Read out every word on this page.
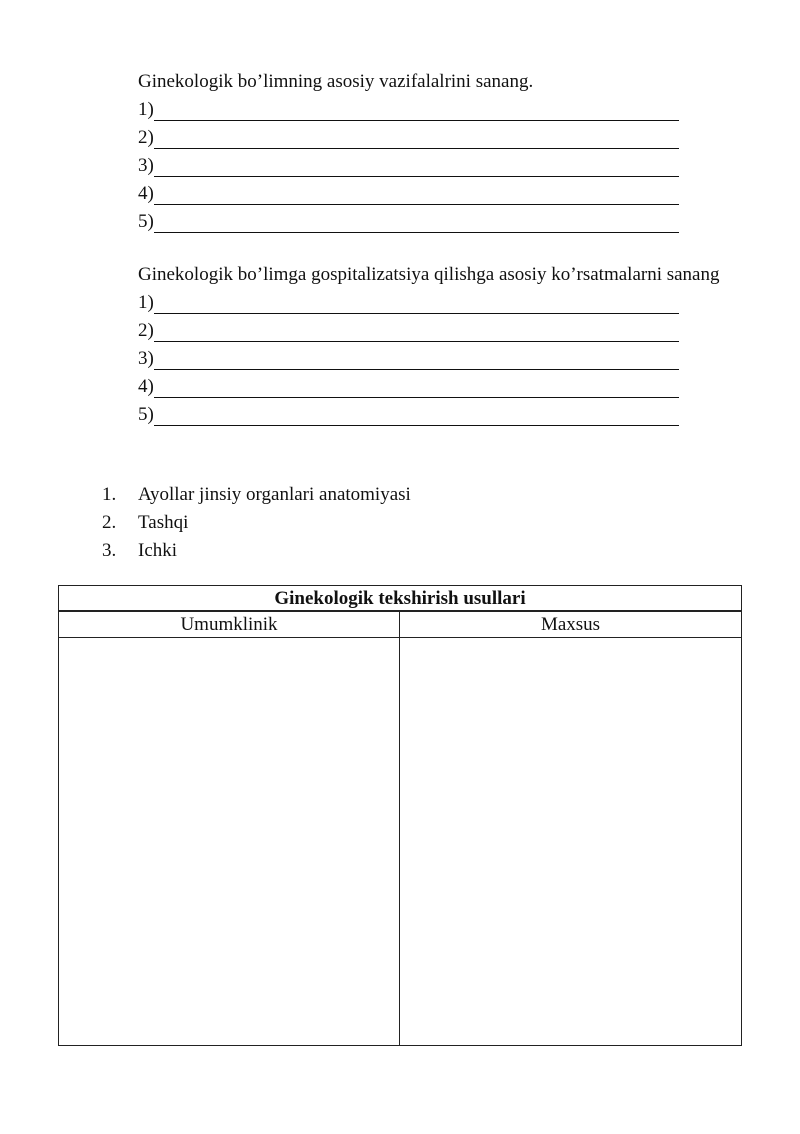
Ginekologik bo’limning asosiy vazifalalrini sanang.
1)
2)
3)
4)
5)
Ginekologik bo’limga gospitalizatsiya qilishga asosiy ko’rsatmalarni sanang
1)
2)
3)
4)
5)
1.	Ayollar jinsiy organlari anatomiyasi
2.	Tashqi
3.	Ichki
Ginekologik tekshirish usullari
Umumklinik	Maxsus
